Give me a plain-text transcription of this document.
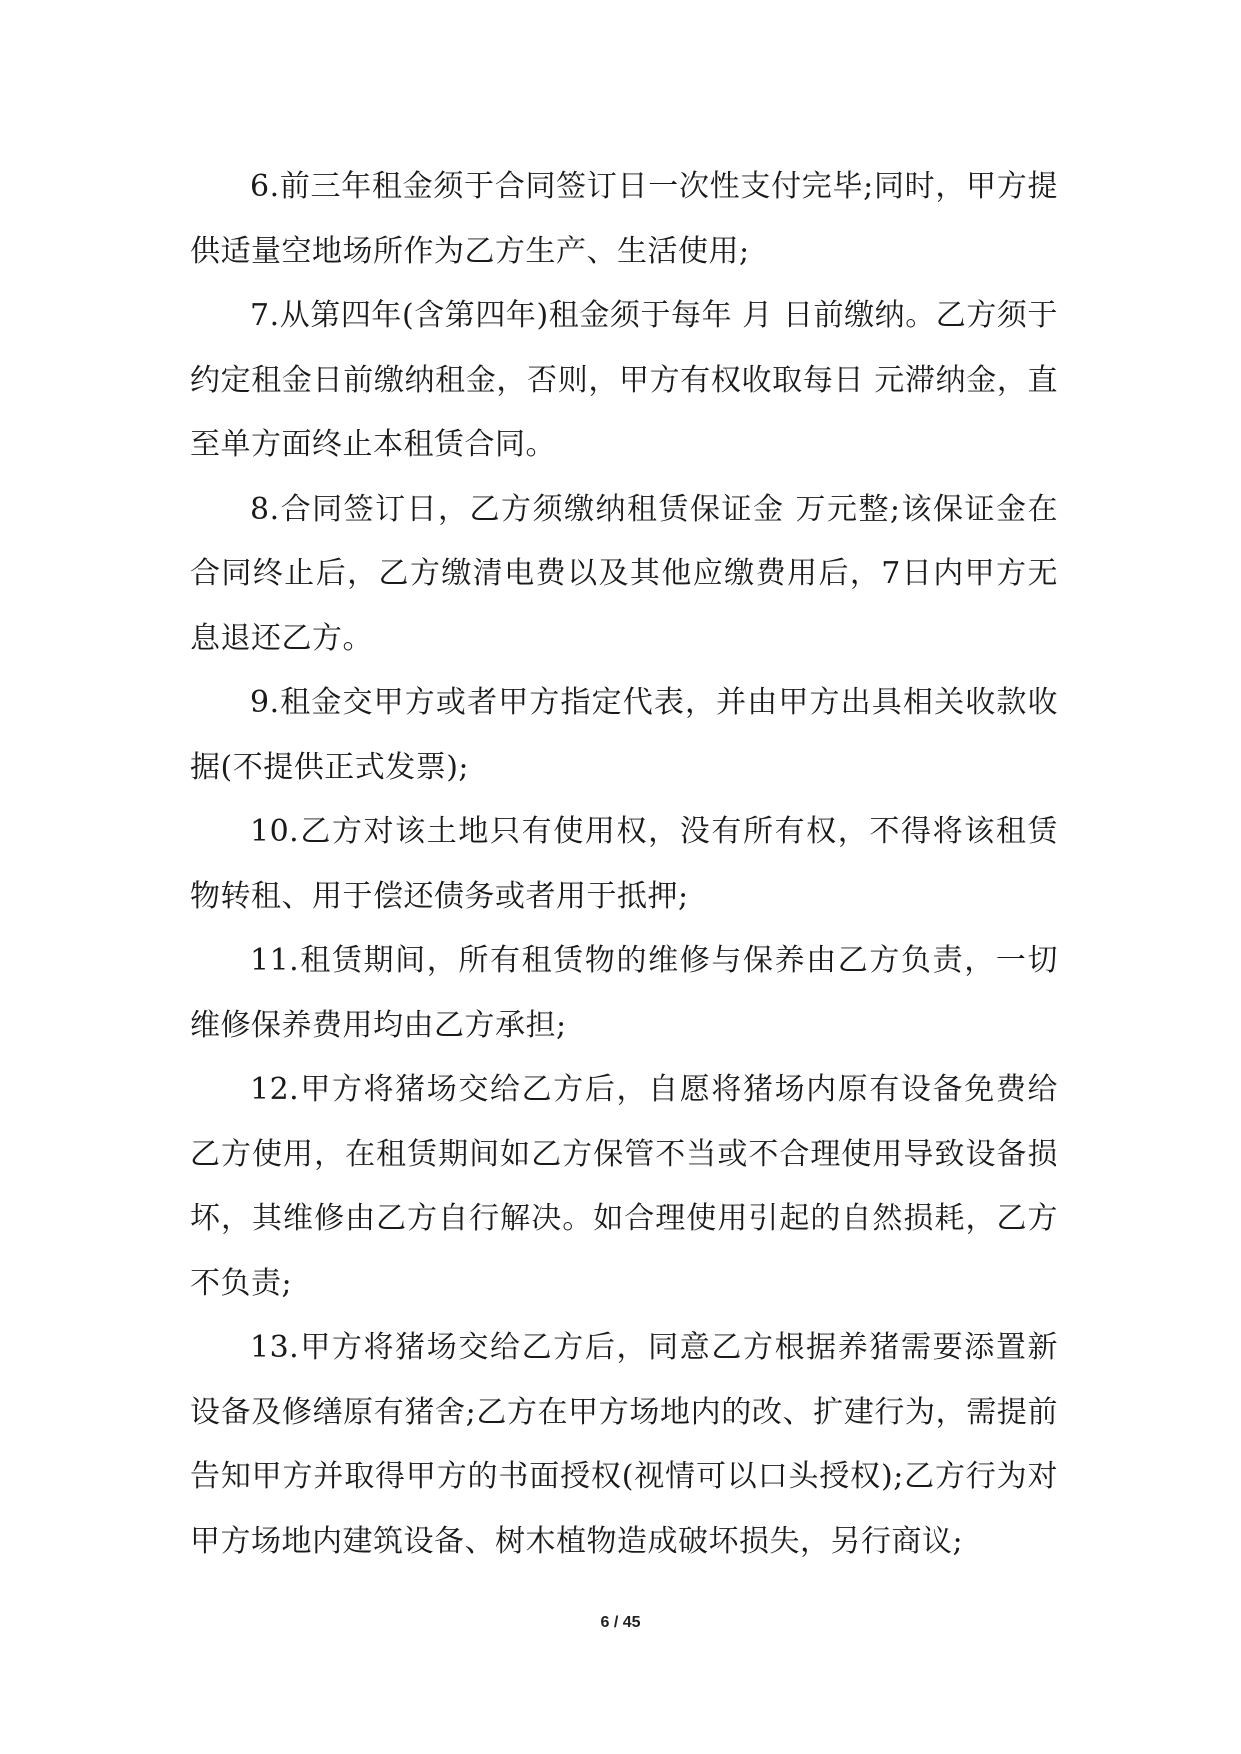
6.前三年租金须于合同签订日一次性支付完毕;同时，甲方提供适量空地场所作为乙方生产、生活使用;

7.从第四年(含第四年)租金须于每年 月 日前缴纳。乙方须于约定租金日前缴纳租金，否则，甲方有权收取每日 元滞纳金，直至单方面终止本租赁合同。

8.合同签订日，乙方须缴纳租赁保证金 万元整;该保证金在合同终止后，乙方缴清电费以及其他应缴费用后，7日内甲方无息退还乙方。

9.租金交甲方或者甲方指定代表，并由甲方出具相关收款收据(不提供正式发票);

10.乙方对该土地只有使用权，没有所有权，不得将该租赁物转租、用于偿还债务或者用于抵押;

11.租赁期间，所有租赁物的维修与保养由乙方负责，一切维修保养费用均由乙方承担;

12.甲方将猪场交给乙方后，自愿将猪场内原有设备免费给乙方使用，在租赁期间如乙方保管不当或不合理使用导致设备损坏，其维修由乙方自行解决。如合理使用引起的自然损耗，乙方不负责;

13.甲方将猪场交给乙方后，同意乙方根据养猪需要添置新设备及修缮原有猪舍;乙方在甲方场地内的改、扩建行为，需提前告知甲方并取得甲方的书面授权(视情可以口头授权);乙方行为对甲方场地内建筑设备、树木植物造成破坏损失，另行商议;

6 / 45
